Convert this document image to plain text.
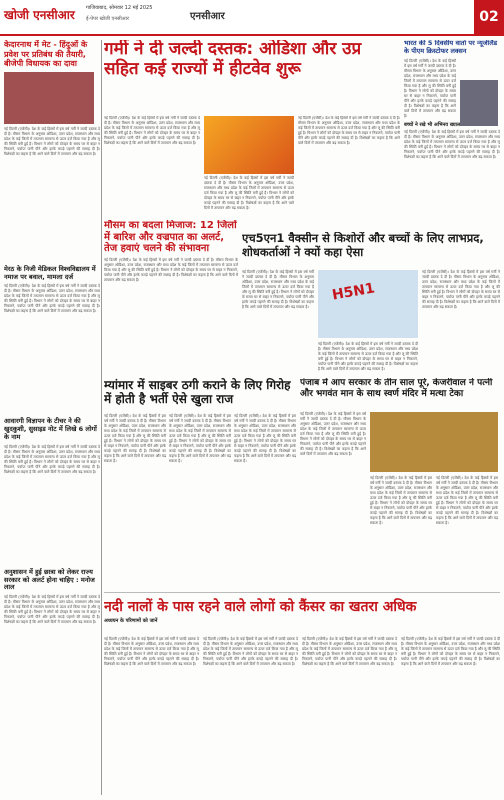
खोजी एनसीआर गाजियाबाद, सोमवार 12 मई 2025
ई-पेपर खोजी एनसीआर	एनसीआर	02
केदारनाथ में मेट - हिंदुओं के प्रवेश पर प्रतिबंध की तैयारी, बीजेपी विधायक का दावा
नई दिल्ली (एजेंसी)। देश के कई हिस्सों में इस वर्ष गर्मी ने जल्दी दस्तक दे दी है। मौसम विभाग के अनुसार ओडिशा, उत्तर प्रदेश, राजस्थान और मध्य प्रदेश के कई जिलों में तापमान सामान्य से ऊपर दर्ज किया गया है और लू की स्थिति बनी हुई है। विभाग ने लोगों को दोपहर के समय घर से बाहर न निकलने, पर्याप्त पानी पीने और हल्के कपड़े पहनने की सलाह दी है। विशेषज्ञों का कहना है कि आने वाले दिनों में तापमान और बढ़ सकता है।
मेरठ के निजी मेडिकल विश्वविद्यालय में नमाज पर बवाल, मामला दर्ज
नई दिल्ली (एजेंसी)। देश के कई हिस्सों में इस वर्ष गर्मी ने जल्दी दस्तक दे दी है। मौसम विभाग के अनुसार ओडिशा, उत्तर प्रदेश, राजस्थान और मध्य प्रदेश के कई जिलों में तापमान सामान्य से ऊपर दर्ज किया गया है और लू की स्थिति बनी हुई है। विभाग ने लोगों को दोपहर के समय घर से बाहर न निकलने, पर्याप्त पानी पीने और हल्के कपड़े पहनने की सलाह दी है। विशेषज्ञों का कहना है कि आने वाले दिनों में तापमान और बढ़ सकता है।
आवारगी विज्ञापन के टीचर ने की खुदकुशी, सुसाइड नोट में लिखे 6 लोगों के नाम
नई दिल्ली (एजेंसी)। देश के कई हिस्सों में इस वर्ष गर्मी ने जल्दी दस्तक दे दी है। मौसम विभाग के अनुसार ओडिशा, उत्तर प्रदेश, राजस्थान और मध्य प्रदेश के कई जिलों में तापमान सामान्य से ऊपर दर्ज किया गया है और लू की स्थिति बनी हुई है। विभाग ने लोगों को दोपहर के समय घर से बाहर न निकलने, पर्याप्त पानी पीने और हल्के कपड़े पहनने की सलाह दी है। विशेषज्ञों का कहना है कि आने वाले दिनों में तापमान और बढ़ सकता है।
अनुशासन में हुई छात्रा को लेकर राज्य सरकार को अलर्ट होना चाहिए : मनोज लाल
नई दिल्ली (एजेंसी)। देश के कई हिस्सों में इस वर्ष गर्मी ने जल्दी दस्तक दे दी है। मौसम विभाग के अनुसार ओडिशा, उत्तर प्रदेश, राजस्थान और मध्य प्रदेश के कई जिलों में तापमान सामान्य से ऊपर दर्ज किया गया है और लू की स्थिति बनी हुई है। विभाग ने लोगों को दोपहर के समय घर से बाहर न निकलने, पर्याप्त पानी पीने और हल्के कपड़े पहनने की सलाह दी है। विशेषज्ञों का कहना है कि आने वाले दिनों में तापमान और बढ़ सकता है।
गर्मी ने दी जल्दी दस्तक: ओडिशा और उप्र सहित कई राज्यों में हीटवेव शुरू
नई दिल्ली (एजेंसी)। देश के कई हिस्सों में इस वर्ष गर्मी ने जल्दी दस्तक दे दी है। मौसम विभाग के अनुसार ओडिशा, उत्तर प्रदेश, राजस्थान और मध्य प्रदेश के कई जिलों में तापमान सामान्य से ऊपर दर्ज किया गया है और लू की स्थिति बनी हुई है। विभाग ने लोगों को दोपहर के समय घर से बाहर न निकलने, पर्याप्त पानी पीने और हल्के कपड़े पहनने की सलाह दी है। विशेषज्ञों का कहना है कि आने वाले दिनों में तापमान और बढ़ सकता है।
नई दिल्ली (एजेंसी)। देश के कई हिस्सों में इस वर्ष गर्मी ने जल्दी दस्तक दे दी है। मौसम विभाग के अनुसार ओडिशा, उत्तर प्रदेश, राजस्थान और मध्य प्रदेश के कई जिलों में तापमान सामान्य से ऊपर दर्ज किया गया है और लू की स्थिति बनी हुई है। विभाग ने लोगों को दोपहर के समय घर से बाहर न निकलने, पर्याप्त पानी पीने और हल्के कपड़े पहनने की सलाह दी है। विशेषज्ञों का कहना है कि आने वाले दिनों में तापमान और बढ़ सकता है।
नई दिल्ली (एजेंसी)। देश के कई हिस्सों में इस वर्ष गर्मी ने जल्दी दस्तक दे दी है। मौसम विभाग के अनुसार ओडिशा, उत्तर प्रदेश, राजस्थान और मध्य प्रदेश के कई जिलों में तापमान सामान्य से ऊपर दर्ज किया गया है और लू की स्थिति बनी हुई है। विभाग ने लोगों को दोपहर के समय घर से बाहर न निकलने, पर्याप्त पानी पीने और हल्के कपड़े पहनने की सलाह दी है। विशेषज्ञों का कहना है कि आने वाले दिनों में तापमान और बढ़ सकता है।
भारत की 5 दिवसीय वार्ता पर न्यूजीलैंड के पीएम क्रिस्टोफर लक्सन
नई दिल्ली (एजेंसी)। देश के कई हिस्सों में इस वर्ष गर्मी ने जल्दी दस्तक दे दी है। मौसम विभाग के अनुसार ओडिशा, उत्तर प्रदेश, राजस्थान और मध्य प्रदेश के कई जिलों में तापमान सामान्य से ऊपर दर्ज किया गया है और लू की स्थिति बनी हुई है। विभाग ने लोगों को दोपहर के समय घर से बाहर न निकलने, पर्याप्त पानी पीने और हल्के कपड़े पहनने की सलाह दी है। विशेषज्ञों का कहना है कि आने वाले दिनों में तापमान और बढ़ सकता है।
बच्चों ने रखे भी अभिनव ख्याल
नई दिल्ली (एजेंसी)। देश के कई हिस्सों में इस वर्ष गर्मी ने जल्दी दस्तक दे दी है। मौसम विभाग के अनुसार ओडिशा, उत्तर प्रदेश, राजस्थान और मध्य प्रदेश के कई जिलों में तापमान सामान्य से ऊपर दर्ज किया गया है और लू की स्थिति बनी हुई है। विभाग ने लोगों को दोपहर के समय घर से बाहर न निकलने, पर्याप्त पानी पीने और हल्के कपड़े पहनने की सलाह दी है। विशेषज्ञों का कहना है कि आने वाले दिनों में तापमान और बढ़ सकता है।
मौसम का बदला मिजाज: 12 जिलों में बारिश और वज्रपात का अलर्ट, तेज हवाएं चलने की संभावना
नई दिल्ली (एजेंसी)। देश के कई हिस्सों में इस वर्ष गर्मी ने जल्दी दस्तक दे दी है। मौसम विभाग के अनुसार ओडिशा, उत्तर प्रदेश, राजस्थान और मध्य प्रदेश के कई जिलों में तापमान सामान्य से ऊपर दर्ज किया गया है और लू की स्थिति बनी हुई है। विभाग ने लोगों को दोपहर के समय घर से बाहर न निकलने, पर्याप्त पानी पीने और हल्के कपड़े पहनने की सलाह दी है। विशेषज्ञों का कहना है कि आने वाले दिनों में तापमान और बढ़ सकता है।
एच5एन1 वैक्सीन से किशोरों और बच्चों के लिए लाभप्रद, शोधकर्ताओं ने क्यों कहा ऐसा
नई दिल्ली (एजेंसी)। देश के कई हिस्सों में इस वर्ष गर्मी ने जल्दी दस्तक दे दी है। मौसम विभाग के अनुसार ओडिशा, उत्तर प्रदेश, राजस्थान और मध्य प्रदेश के कई जिलों में तापमान सामान्य से ऊपर दर्ज किया गया है और लू की स्थिति बनी हुई है। विभाग ने लोगों को दोपहर के समय घर से बाहर न निकलने, पर्याप्त पानी पीने और हल्के कपड़े पहनने की सलाह दी है। विशेषज्ञों का कहना है कि आने वाले दिनों में तापमान और बढ़ सकता है।
H5N1
नई दिल्ली (एजेंसी)। देश के कई हिस्सों में इस वर्ष गर्मी ने जल्दी दस्तक दे दी है। मौसम विभाग के अनुसार ओडिशा, उत्तर प्रदेश, राजस्थान और मध्य प्रदेश के कई जिलों में तापमान सामान्य से ऊपर दर्ज किया गया है और लू की स्थिति बनी हुई है। विभाग ने लोगों को दोपहर के समय घर से बाहर न निकलने, पर्याप्त पानी पीने और हल्के कपड़े पहनने की सलाह दी है। विशेषज्ञों का कहना है कि आने वाले दिनों में तापमान और बढ़ सकता है।
नई दिल्ली (एजेंसी)। देश के कई हिस्सों में इस वर्ष गर्मी ने जल्दी दस्तक दे दी है। मौसम विभाग के अनुसार ओडिशा, उत्तर प्रदेश, राजस्थान और मध्य प्रदेश के कई जिलों में तापमान सामान्य से ऊपर दर्ज किया गया है और लू की स्थिति बनी हुई है। विभाग ने लोगों को दोपहर के समय घर से बाहर न निकलने, पर्याप्त पानी पीने और हल्के कपड़े पहनने की सलाह दी है। विशेषज्ञों का कहना है कि आने वाले दिनों में तापमान और बढ़ सकता है।
म्यांमार में साइबर ठगी कराने के लिए गिरोह में होती है भर्ती ऐसे खुला राज
नई दिल्ली (एजेंसी)। देश के कई हिस्सों में इस वर्ष गर्मी ने जल्दी दस्तक दे दी है। मौसम विभाग के अनुसार ओडिशा, उत्तर प्रदेश, राजस्थान और मध्य प्रदेश के कई जिलों में तापमान सामान्य से ऊपर दर्ज किया गया है और लू की स्थिति बनी हुई है। विभाग ने लोगों को दोपहर के समय घर से बाहर न निकलने, पर्याप्त पानी पीने और हल्के कपड़े पहनने की सलाह दी है। विशेषज्ञों का कहना है कि आने वाले दिनों में तापमान और बढ़ सकता है।
नई दिल्ली (एजेंसी)। देश के कई हिस्सों में इस वर्ष गर्मी ने जल्दी दस्तक दे दी है। मौसम विभाग के अनुसार ओडिशा, उत्तर प्रदेश, राजस्थान और मध्य प्रदेश के कई जिलों में तापमान सामान्य से ऊपर दर्ज किया गया है और लू की स्थिति बनी हुई है। विभाग ने लोगों को दोपहर के समय घर से बाहर न निकलने, पर्याप्त पानी पीने और हल्के कपड़े पहनने की सलाह दी है। विशेषज्ञों का कहना है कि आने वाले दिनों में तापमान और बढ़ सकता है।
नई दिल्ली (एजेंसी)। देश के कई हिस्सों में इस वर्ष गर्मी ने जल्दी दस्तक दे दी है। मौसम विभाग के अनुसार ओडिशा, उत्तर प्रदेश, राजस्थान और मध्य प्रदेश के कई जिलों में तापमान सामान्य से ऊपर दर्ज किया गया है और लू की स्थिति बनी हुई है। विभाग ने लोगों को दोपहर के समय घर से बाहर न निकलने, पर्याप्त पानी पीने और हल्के कपड़े पहनने की सलाह दी है। विशेषज्ञों का कहना है कि आने वाले दिनों में तापमान और बढ़ सकता है।
पंजाब में आप सरकार के तीन साल पूरे, केजरीवाल ने पत्नी और भगवंत मान के साथ स्वर्ण मंदिर में मत्था टेका
नई दिल्ली (एजेंसी)। देश के कई हिस्सों में इस वर्ष गर्मी ने जल्दी दस्तक दे दी है। मौसम विभाग के अनुसार ओडिशा, उत्तर प्रदेश, राजस्थान और मध्य प्रदेश के कई जिलों में तापमान सामान्य से ऊपर दर्ज किया गया है और लू की स्थिति बनी हुई है। विभाग ने लोगों को दोपहर के समय घर से बाहर न निकलने, पर्याप्त पानी पीने और हल्के कपड़े पहनने की सलाह दी है। विशेषज्ञों का कहना है कि आने वाले दिनों में तापमान और बढ़ सकता है।
नई दिल्ली (एजेंसी)। देश के कई हिस्सों में इस वर्ष गर्मी ने जल्दी दस्तक दे दी है। मौसम विभाग के अनुसार ओडिशा, उत्तर प्रदेश, राजस्थान और मध्य प्रदेश के कई जिलों में तापमान सामान्य से ऊपर दर्ज किया गया है और लू की स्थिति बनी हुई है। विभाग ने लोगों को दोपहर के समय घर से बाहर न निकलने, पर्याप्त पानी पीने और हल्के कपड़े पहनने की सलाह दी है। विशेषज्ञों का कहना है कि आने वाले दिनों में तापमान और बढ़ सकता है।
नई दिल्ली (एजेंसी)। देश के कई हिस्सों में इस वर्ष गर्मी ने जल्दी दस्तक दे दी है। मौसम विभाग के अनुसार ओडिशा, उत्तर प्रदेश, राजस्थान और मध्य प्रदेश के कई जिलों में तापमान सामान्य से ऊपर दर्ज किया गया है और लू की स्थिति बनी हुई है। विभाग ने लोगों को दोपहर के समय घर से बाहर न निकलने, पर्याप्त पानी पीने और हल्के कपड़े पहनने की सलाह दी है। विशेषज्ञों का कहना है कि आने वाले दिनों में तापमान और बढ़ सकता है।
नदी नालों के पास रहने वाले लोगों को कैंसर का खतरा अधिक
अध्ययन के परिणामों को जानें
नई दिल्ली (एजेंसी)। देश के कई हिस्सों में इस वर्ष गर्मी ने जल्दी दस्तक दे दी है। मौसम विभाग के अनुसार ओडिशा, उत्तर प्रदेश, राजस्थान और मध्य प्रदेश के कई जिलों में तापमान सामान्य से ऊपर दर्ज किया गया है और लू की स्थिति बनी हुई है। विभाग ने लोगों को दोपहर के समय घर से बाहर न निकलने, पर्याप्त पानी पीने और हल्के कपड़े पहनने की सलाह दी है। विशेषज्ञों का कहना है कि आने वाले दिनों में तापमान और बढ़ सकता है।
नई दिल्ली (एजेंसी)। देश के कई हिस्सों में इस वर्ष गर्मी ने जल्दी दस्तक दे दी है। मौसम विभाग के अनुसार ओडिशा, उत्तर प्रदेश, राजस्थान और मध्य प्रदेश के कई जिलों में तापमान सामान्य से ऊपर दर्ज किया गया है और लू की स्थिति बनी हुई है। विभाग ने लोगों को दोपहर के समय घर से बाहर न निकलने, पर्याप्त पानी पीने और हल्के कपड़े पहनने की सलाह दी है। विशेषज्ञों का कहना है कि आने वाले दिनों में तापमान और बढ़ सकता है।
नई दिल्ली (एजेंसी)। देश के कई हिस्सों में इस वर्ष गर्मी ने जल्दी दस्तक दे दी है। मौसम विभाग के अनुसार ओडिशा, उत्तर प्रदेश, राजस्थान और मध्य प्रदेश के कई जिलों में तापमान सामान्य से ऊपर दर्ज किया गया है और लू की स्थिति बनी हुई है। विभाग ने लोगों को दोपहर के समय घर से बाहर न निकलने, पर्याप्त पानी पीने और हल्के कपड़े पहनने की सलाह दी है। विशेषज्ञों का कहना है कि आने वाले दिनों में तापमान और बढ़ सकता है।
नई दिल्ली (एजेंसी)। देश के कई हिस्सों में इस वर्ष गर्मी ने जल्दी दस्तक दे दी है। मौसम विभाग के अनुसार ओडिशा, उत्तर प्रदेश, राजस्थान और मध्य प्रदेश के कई जिलों में तापमान सामान्य से ऊपर दर्ज किया गया है और लू की स्थिति बनी हुई है। विभाग ने लोगों को दोपहर के समय घर से बाहर न निकलने, पर्याप्त पानी पीने और हल्के कपड़े पहनने की सलाह दी है। विशेषज्ञों का कहना है कि आने वाले दिनों में तापमान और बढ़ सकता है।
